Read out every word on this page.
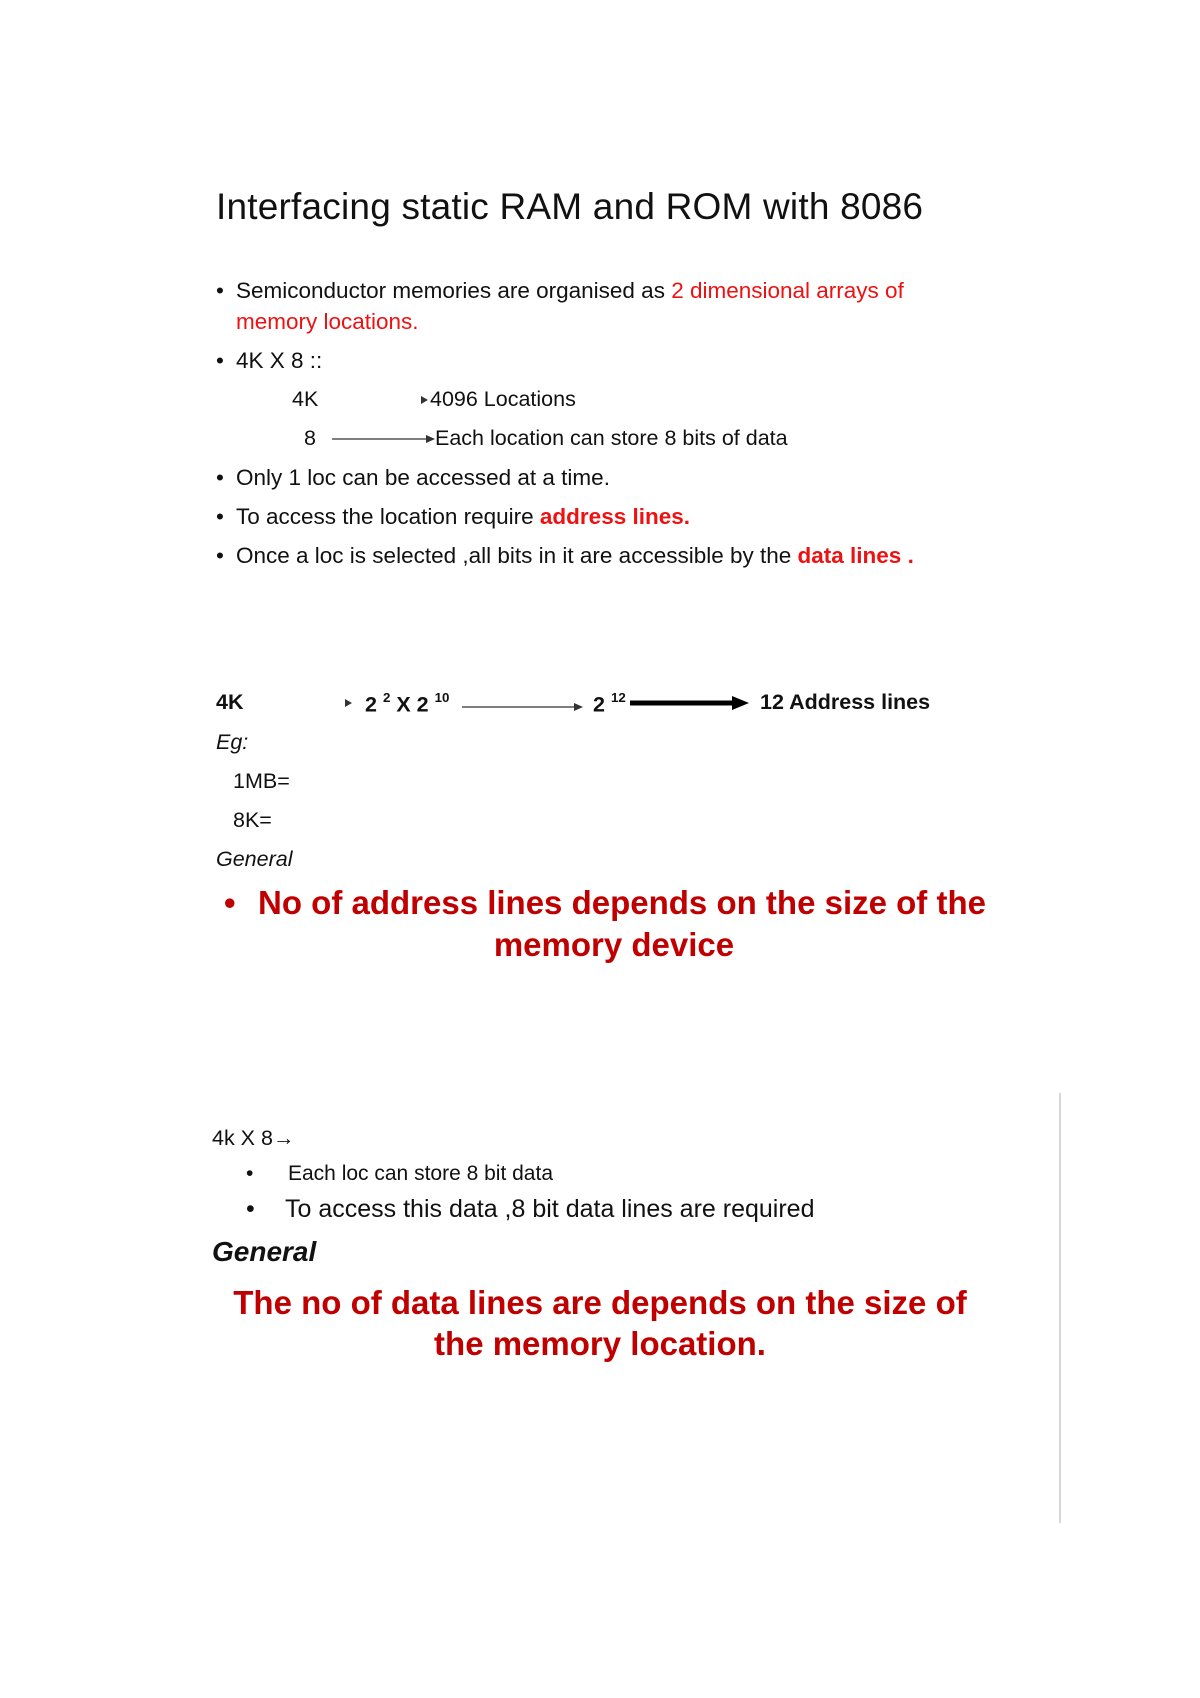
Interfacing static RAM and ROM with 8086
• Semiconductor memories are organised as 2 dimensional arrays of
memory locations.
• 4K X 8 ::
4K	4096 Locations
8	Each location can store 8 bits of data
• Only 1 loc can be accessed at a time.
• To access the location require address lines.
• Once a loc is selected ,all bits in it are accessible by the data lines .
4K	2 $^2$ X 2 $^{10}$	2 $^{12}$	12 Address lines
Eg:
1MB=
8K=
General
• No of address lines depends on the size of the
memory device
4k X 8→
• Each loc can store 8 bit data
• To access this data ,8 bit data lines are required
General
The no of data lines are depends on the size of
the memory location.
